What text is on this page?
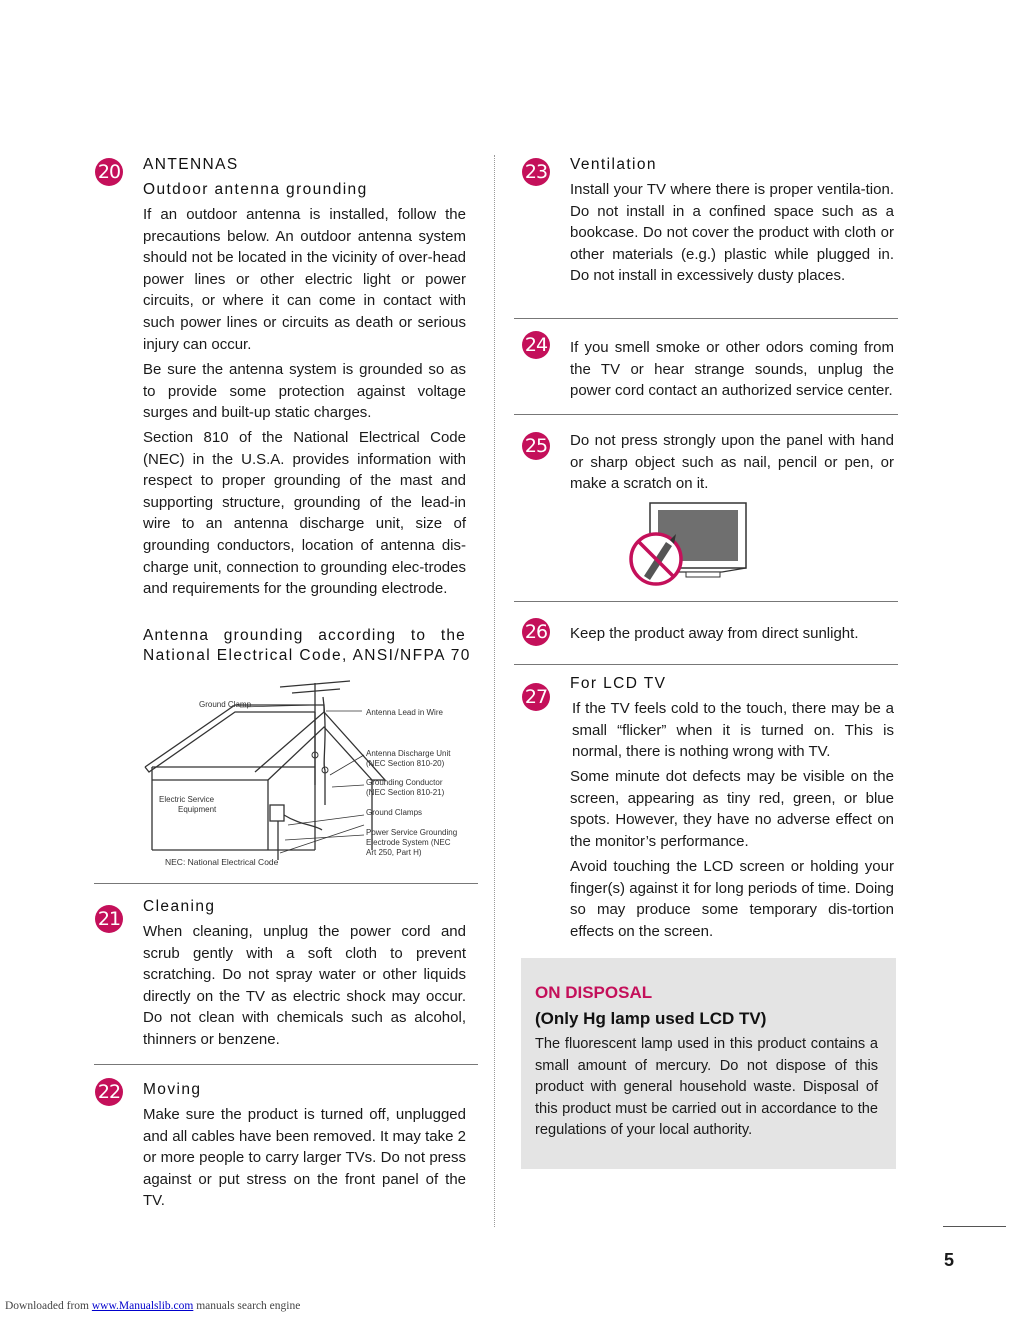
20 ANTENNAS
Outdoor antenna grounding

If an outdoor antenna is installed, follow the precautions below. An outdoor antenna system should not be located in the vicinity of over-head power lines or other electric light or power circuits, or where it can come in contact with such power lines or circuits as death or serious injury can occur.

Be sure the antenna system is grounded so as to provide some protection against voltage surges and built-up static charges.

Section 810 of the National Electrical Code (NEC) in the U.S.A. provides information with respect to proper grounding of the mast and supporting structure, grounding of the lead-in wire to an antenna discharge unit, size of grounding conductors, location of antenna dis-charge unit, connection to grounding elec-trodes and requirements for the grounding electrode.

Antenna grounding according to the
National Electrical Code, ANSI/NFPA 70
Ground Clamp
Antenna Lead in Wire
Antenna Discharge Unit
(NEC Section 810-20)
Grounding Conductor
(NEC Section 810-21)
Ground Clamps
Power Service Grounding
Electrode System (NEC
Art 250, Part H)
Electric Service
Equipment
NEC: National Electrical Code
21
Cleaning

When cleaning, unplug the power cord and scrub gently with a soft cloth to prevent scratching. Do not spray water or other liquids directly on the TV as electric shock may occur. Do not clean with chemicals such as alcohol, thinners or benzene.

22 Moving

Make sure the product is turned off, unplugged and all cables have been removed. It may take 2 or more people to carry larger TVs. Do not press against or put stress on the front panel of the TV.

23 Ventilation

Install your TV where there is proper ventila-tion. Do not install in a confined space such as a bookcase. Do not cover the product with cloth or other materials (e.g.) plastic while plugged in. Do not install in excessively dusty places.

24 If you smell smoke or other odors coming from the TV or hear strange sounds, unplug the power cord contact an authorized service center.

25 Do not press strongly upon the panel with hand or sharp object such as nail, pencil or pen, or make a scratch on it.

26 Keep the product away from direct sunlight.

27
For LCD TV

If the TV feels cold to the touch, there may be a small “flicker” when it is turned on. This is normal, there is nothing wrong with TV.

Some minute dot defects may be visible on the screen, appearing as tiny red, green, or blue spots. However, they have no adverse effect on the monitor’s performance.

Avoid touching the LCD screen or holding your finger(s) against it for long periods of time. Doing so may produce some temporary dis-tortion effects on the screen.

ON DISPOSAL
(Only Hg lamp used LCD TV)

The fluorescent lamp used in this product contains a small amount of mercury. Do not dispose of this product with general household waste. Disposal of this product must be carried out in accordance to the regulations of your local authority.

5
Downloaded from www.Manualslib.com manuals search engine
